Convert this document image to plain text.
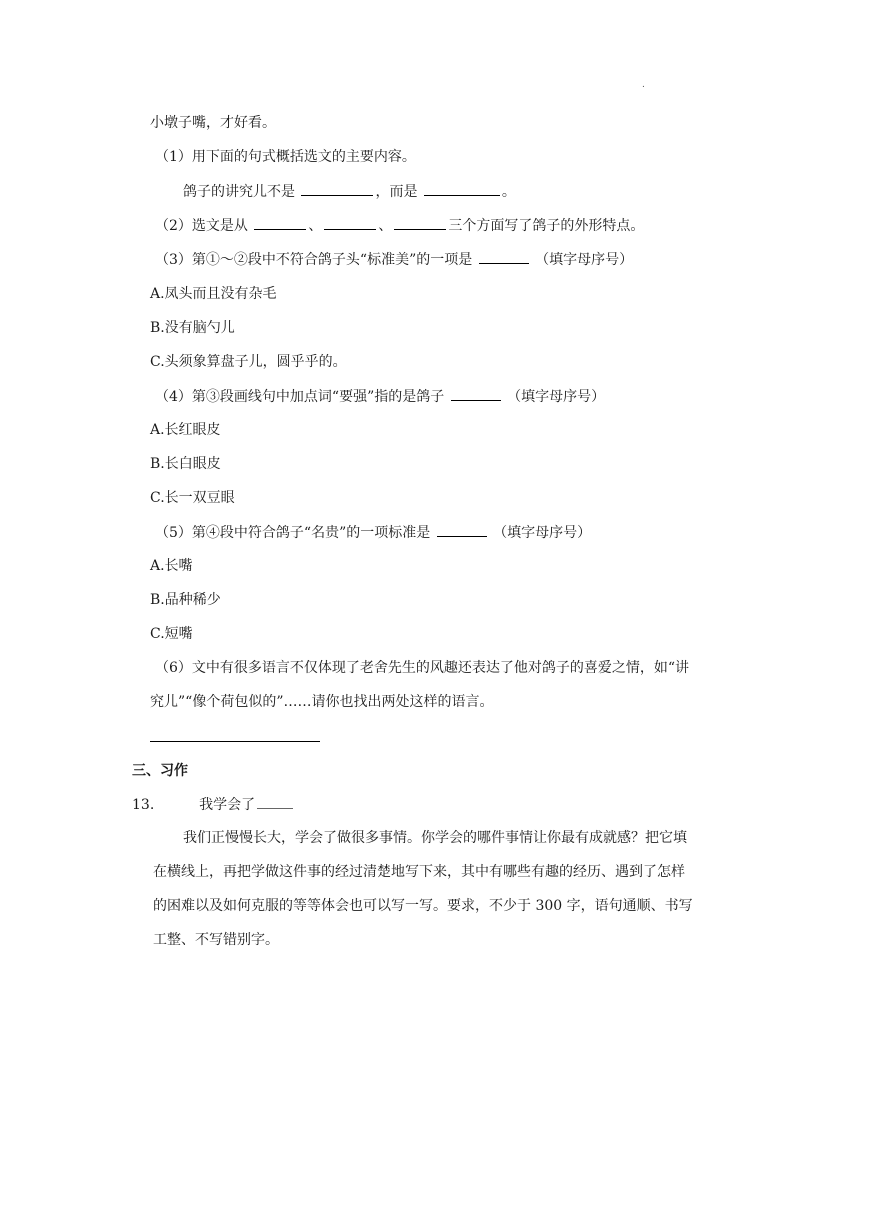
.
小墩子嘴，才好看。
（1）用下面的句式概括选文的主要内容。
鸽子的讲究儿不是	，而是	。
（2）选文是从	、	、	三个方面写了鸽子的外形特点。
（3）第①～②段中不符合鸽子头“标准美”的一项是	（填字母序号）
A.凤头而且没有杂毛
B.没有脑勺儿
C.头须象算盘子儿，圆乎乎的。
（4）第③段画线句中加点词“要强”指的是鸽子	（填字母序号）
A.长红眼皮
B.长白眼皮
C.长一双豆眼
（5）第④段中符合鸽子“名贵”的一项标准是	（填字母序号）
A.长嘴
B.品种稀少
C.短嘴
（6）文中有很多语言不仅体现了老舍先生的风趣还表达了他对鸽子的喜爱之情，如“讲
究儿”“像个荷包似的”……请你也找出两处这样的语言。
三、习作
13.	我学会了
我们正慢慢长大，学会了做很多事情。你学会的哪件事情让你最有成就感？把它填
在横线上，再把学做这件事的经过清楚地写下来，其中有哪些有趣的经历、遇到了怎样
的困难以及如何克服的等等体会也可以写一写。要求，不少于 300 字，语句通顺、书写
工整、不写错别字。
